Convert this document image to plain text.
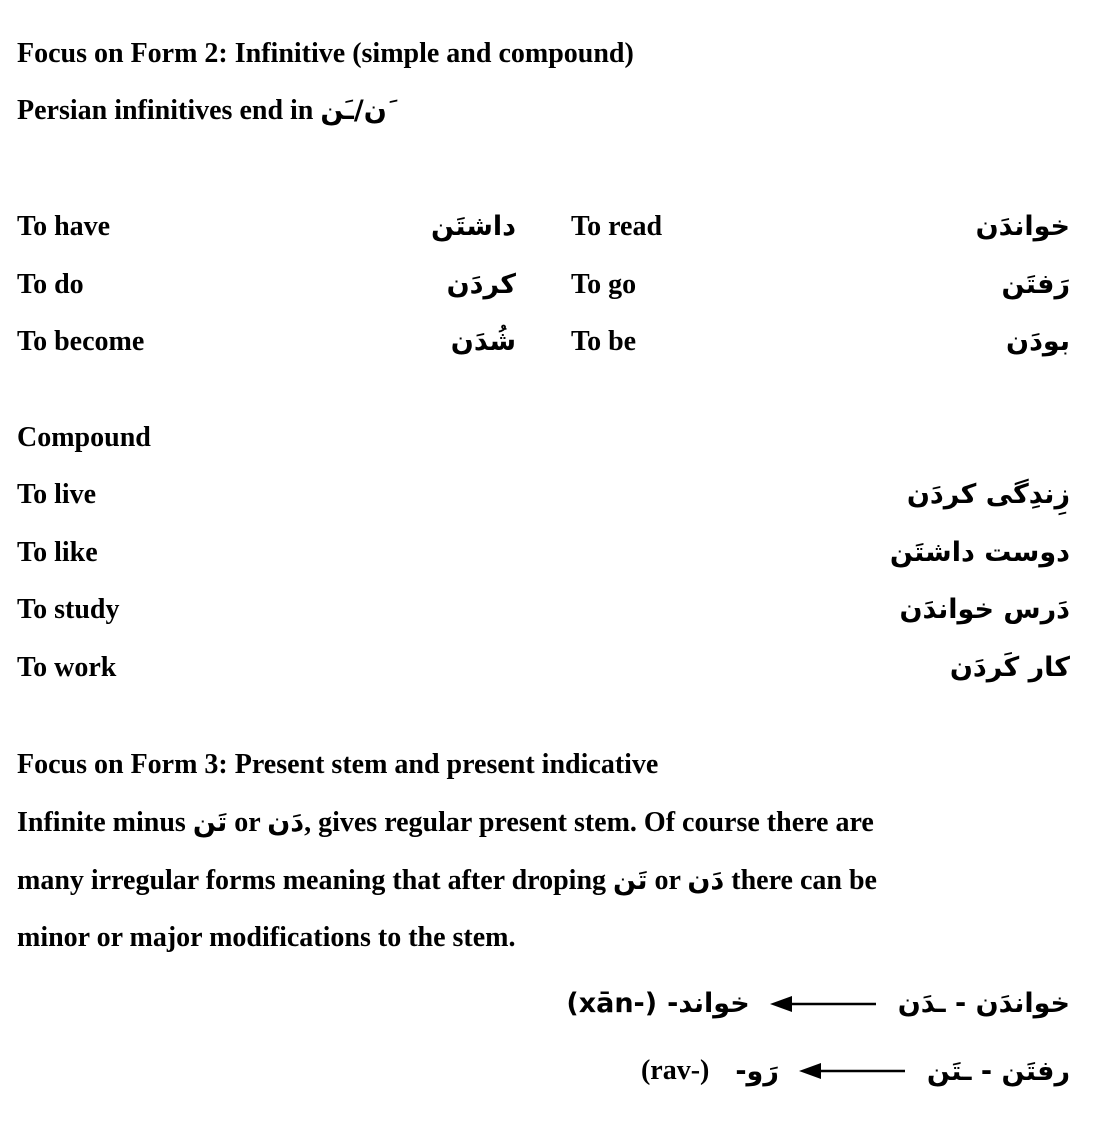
Focus on Form 2: Infinitive (simple and compound)
Persian infinitives end in َن/ـَن
To have	داشتَن To read	خواندَن
To do	کردَن To go	رَفتَن
To become	شُدَن To be	بودَن
Compound
To live	زِندِگی کردَن
To like	دوست داشتَن
To study	دَرس خواندَن
To work	کار کَردَن
Focus on Form 3: Present stem and present indicative
Infinite minus تَن or دَن, gives regular present stem. Of course there are
many irregular forms meaning that after droping تَن or دَن there can be
minor or major modifications to the stem.
(xān-) خواند-	خواندَن - ـدَن
(rav-) رَو-	رفتَن - ـتَن
